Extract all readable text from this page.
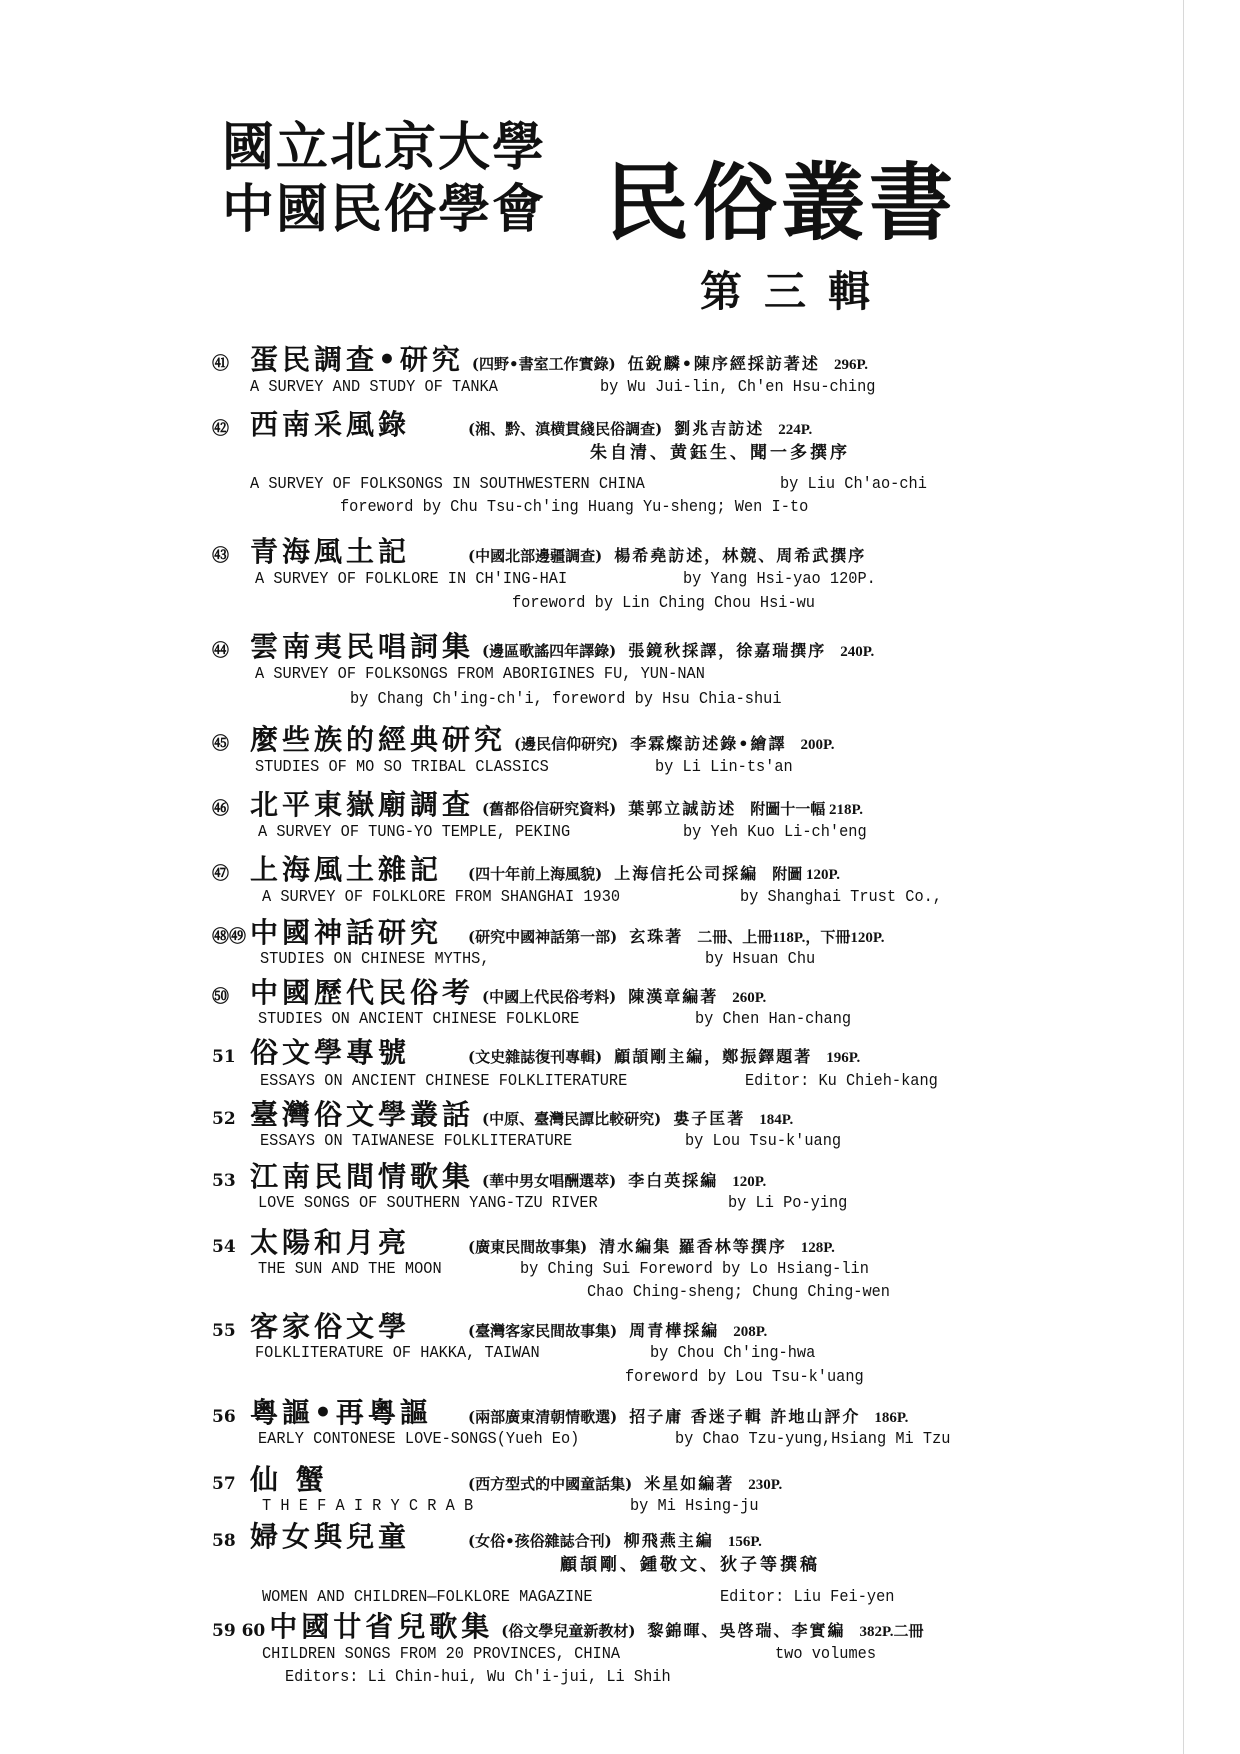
國立北京大學
中國民俗學會 民俗叢書
第三輯
㊶ 蛋民調查•研究 (四野•書室工作實錄) 伍銳麟•陳序經採訪著述 296P.
A SURVEY AND STUDY OF TANKA	by Wu Jui-lin, Ch'en Hsu-ching
㊷ 西南采風錄	(湘、黔、滇横貫綫民俗調查) 劉兆吉訪述 224P.
朱自清、黄鈺生、聞一多撰序
A SURVEY OF FOLKSONGS IN SOUTHWESTERN CHINA	by Liu Ch'ao-chi
foreword by Chu Tsu-ch'ing Huang Yu-sheng; Wen I-to
㊸ 青海風土記	(中國北部邊疆調查) 楊希堯訪述，林競、周希武撰序
A SURVEY OF FOLKLORE IN CH'ING-HAI	by Yang Hsi-yao 120P.
foreword by Lin Ching Chou Hsi-wu
㊹ 雲南夷民唱詞集 (邊區歌謠四年譯錄) 張鏡秋採譯，徐嘉瑞撰序 240P.
A SURVEY OF FOLKSONGS FROM ABORIGINES FU, YUN-NAN
by Chang Ch'ing-ch'i, foreword by Hsu Chia-shui
㊺ 麼些族的經典研究 (邊民信仰研究) 李霖燦訪述錄•繪譯 200P.
STUDIES OF MO SO TRIBAL CLASSICS	by Li Lin-ts'an
㊻ 北平東嶽廟調查 (舊都俗信研究資料) 葉郭立誠訪述 附圖十一幅 218P.
A SURVEY OF TUNG-YO TEMPLE, PEKING	by Yeh Kuo Li-ch'eng
㊼ 上海風土雜記	(四十年前上海風貌) 上海信托公司採編 附圖 120P.
A SURVEY OF FOLKLORE FROM SHANGHAI 1930	by Shanghai Trust Co.,
㊽㊾ 中國神話研究	(研究中國神話第一部) 玄珠著 二冊、上冊118P.，下冊120P.
STUDIES ON CHINESE MYTHS,	by Hsuan Chu
㊿ 中國歷代民俗考 (中國上代民俗考料) 陳漢章編著 260P.
STUDIES ON ANCIENT CHINESE FOLKLORE	by Chen Han-chang
51 俗文學專號	(文史雜誌復刊專輯) 顧頡剛主編，鄭振鐸題著 196P.
ESSAYS ON ANCIENT CHINESE FOLKLITERATURE	Editor: Ku Chieh-kang
52 臺灣俗文學叢話 (中原、臺灣民譚比較研究) 婁子匡著 184P.
ESSAYS ON TAIWANESE FOLKLITERATURE	by Lou Tsu-k'uang
53 江南民間情歌集 (華中男女唱酬選萃) 李白英採編 120P.
LOVE SONGS OF SOUTHERN YANG-TZU RIVER	by Li Po-ying
54 太陽和月亮	(廣東民間故事集) 清水編集 羅香林等撰序 128P.
THE SUN AND THE MOON	by Ching Sui Foreword by Lo Hsiang-lin
Chao Ching-sheng; Chung Ching-wen
55 客家俗文學	(臺灣客家民間故事集) 周青樺採編 208P.
FOLKLITERATURE OF HAKKA, TAIWAN	by Chou Ch'ing-hwa
foreword by Lou Tsu-k'uang
56 粵謳•再粵謳	(兩部廣東清朝情歌選) 招子庸 香迷子輯 許地山評介 186P.
EARLY CONTONESE LOVE-SONGS(Yueh Eo)	by Chao Tzu-yung,Hsiang Mi Tzu
57 仙 蟹	(西方型式的中國童話集) 米星如編著 230P.
T H E F A I R Y C R A B	by Mi Hsing-ju
58 婦女與兒童	(女俗•孩俗雜誌合刊) 柳飛燕主編 156P.
顧頡剛、鍾敬文、狄子等撰稿
WOMEN AND CHILDREN—FOLKLORE MAGAZINE	Editor: Liu Fei-yen
59 60 中國廿省兒歌集 (俗文學兒童新教材) 黎錦暉、吳啓瑞、李實編 382P.二冊
CHILDREN SONGS FROM 20 PROVINCES, CHINA	two volumes
Editors: Li Chin-hui, Wu Ch'i-jui, Li Shih
